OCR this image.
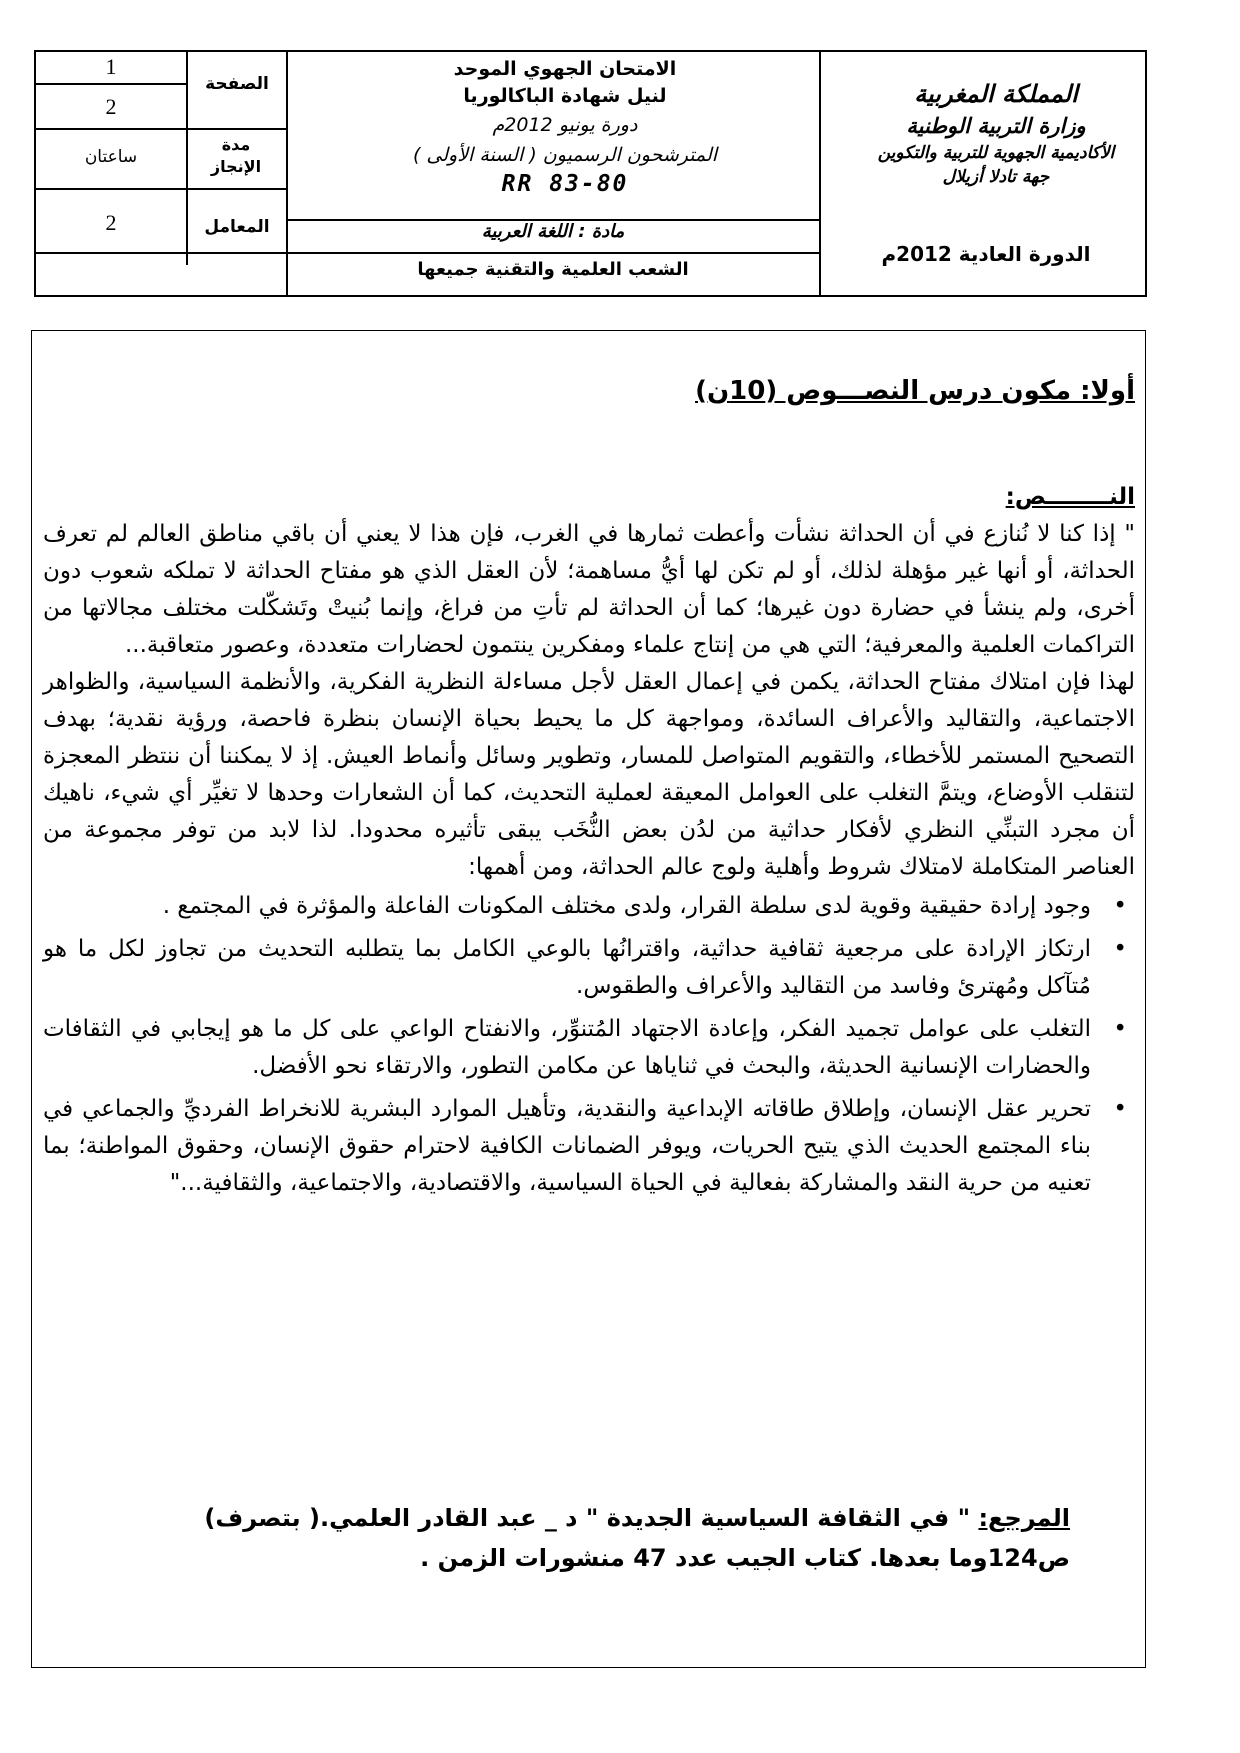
1
2
ساعتان
2
الصفحة
مدة الإنجاز
المعامل
الامتحان الجهوي الموحد
لنيل شهادة الباكالوريا
دورة يونيو 2012م
المترشحون الرسميون ( السنة الأولى )
RR 83-80
مادة : اللغة العربية
الشعب العلمية والتقنية جميعها
المملكة المغربية
وزارة التربية الوطنية
الأكاديمية الجهوية للتربية والتكوين
جهة تادلا أزيلال
الدورة العادية 2012م
أولا: مكون درس النصـــوص (10ن)
النــــــــص:

" إذا كنا لا نُنازع في أن الحداثة نشأت وأعطت ثمارها في الغرب، فإن هذا لا يعني أن باقي مناطق العالم لم تعرف الحداثة، أو أنها غير مؤهلة لذلك، أو لم تكن لها أيُّ مساهمة؛ لأن العقل الذي هو مفتاح الحداثة لا تملكه شعوب دون أخرى، ولم ينشأ في حضارة دون غيرها؛ كما أن الحداثة لم تأتِ من فراغ، وإنما بُنيتْ وتَشكّلت مختلف مجالاتها من التراكمات العلمية والمعرفية؛ التي هي من إنتاج علماء ومفكرين ينتمون لحضارات متعددة، وعصور متعاقبة...

لهذا فإن امتلاك مفتاح الحداثة، يكمن في إعمال العقل لأجل مساءلة النظرية الفكرية، والأنظمة السياسية، والظواهر الاجتماعية، والتقاليد والأعراف السائدة، ومواجهة كل ما يحيط بحياة الإنسان بنظرة فاحصة، ورؤية نقدية؛ بهدف التصحيح المستمر للأخطاء، والتقويم المتواصل للمسار، وتطوير وسائل وأنماط العيش. إذ لا يمكننا أن ننتظر المعجزة لتنقلب الأوضاع، ويتمَّ التغلب على العوامل المعيقة لعملية التحديث، كما أن الشعارات وحدها لا تغيِّر أي شيء، ناهيك أن مجرد التبنِّي النظري لأفكار حداثية من لدُن بعض النُّخَب يبقى تأثيره محدودا. لذا لابد من توفر مجموعة من العناصر المتكاملة لامتلاك شروط وأهلية ولوج عالم الحداثة، ومن أهمها:

•
وجود إرادة حقيقية وقوية لدى سلطة القرار، ولدى مختلف المكونات الفاعلة والمؤثرة في المجتمع .
•
ارتكاز الإرادة على مرجعية ثقافية حداثية، واقترانُها بالوعي الكامل بما يتطلبه التحديث من تجاوز لكل ما هو مُتآكل ومُهترئ وفاسد من التقاليد والأعراف والطقوس.
•
التغلب على عوامل تجميد الفكر، وإعادة الاجتهاد المُتنوِّر، والانفتاح الواعي على كل ما هو إيجابي في الثقافات والحضارات الإنسانية الحديثة، والبحث في ثناياها عن مكامن التطور، والارتقاء نحو الأفضل.
•
تحرير عقل الإنسان، وإطلاق طاقاته الإبداعية والنقدية، وتأهيل الموارد البشرية للانخراط الفرديِّ والجماعي في بناء المجتمع الحديث الذي يتيح الحريات، ويوفر الضمانات الكافية لاحترام حقوق الإنسان، وحقوق المواطنة؛ بما تعنيه من حرية النقد والمشاركة بفعالية في الحياة السياسية، والاقتصادية، والاجتماعية، والثقافية..."
المرجع: " في الثقافة السياسية الجديدة " د _ عبد القادر العلمي.( بتصرف) ص124وما بعدها. كتاب الجيب عدد 47 منشورات الزمن .
